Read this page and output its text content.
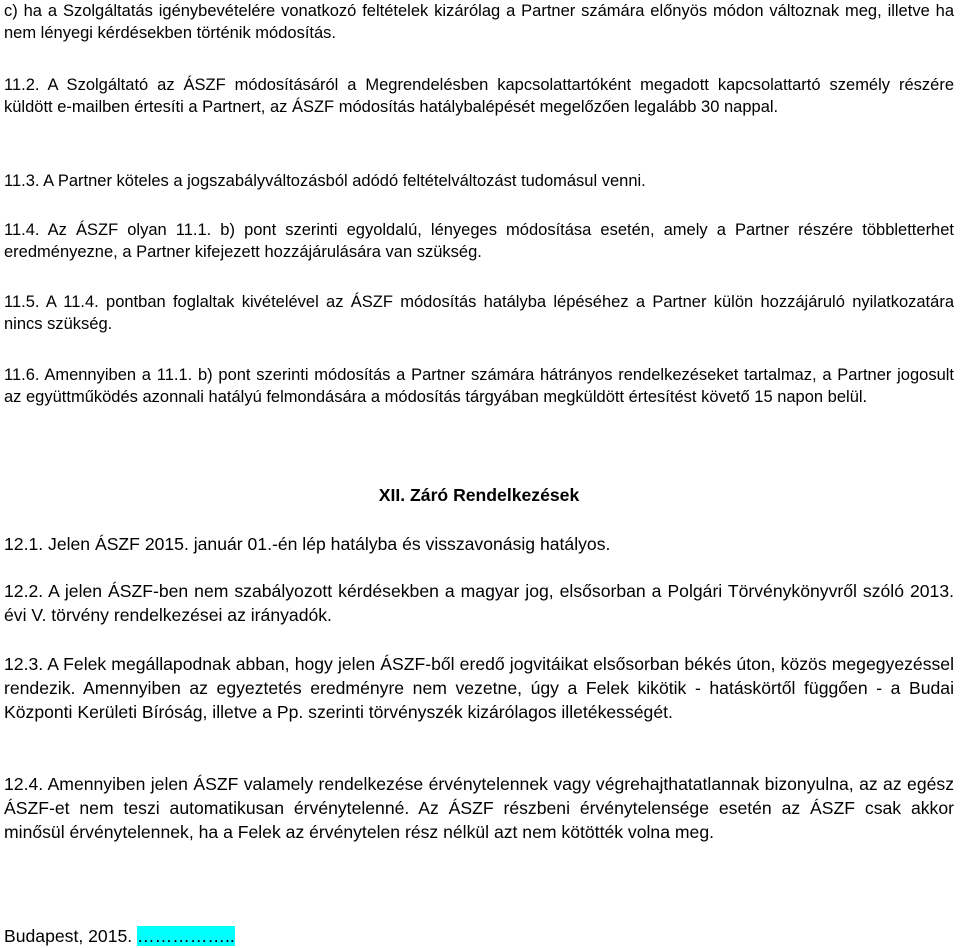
c) ha a Szolgáltatás igénybevételére vonatkozó feltételek kizárólag a Partner számára előnyös módon változnak meg, illetve ha nem lényegi kérdésekben történik módosítás.

11.2. A Szolgáltató az ÁSZF módosításáról a Megrendelésben kapcsolattartóként megadott kapcsolattartó személy részére küldött e-mailben értesíti a Partnert, az ÁSZF módosítás hatálybalépését megelőzően legalább 30 nappal.

11.3. A Partner köteles a jogszabályváltozásból adódó feltételváltozást tudomásul venni.

11.4. Az ÁSZF olyan 11.1. b) pont szerinti egyoldalú, lényeges módosítása esetén, amely a Partner részére többletterhet eredményezne, a Partner kifejezett hozzájárulására van szükség.

11.5. A 11.4. pontban foglaltak kivételével az ÁSZF módosítás hatályba lépéséhez a Partner külön hozzájáruló nyilatkozatára nincs szükség.

11.6. Amennyiben a 11.1. b) pont szerinti módosítás a Partner számára hátrányos rendelkezéseket tartalmaz, a Partner jogosult az együttműködés azonnali hatályú felmondására a módosítás tárgyában megküldött értesítést követő 15 napon belül.

XII. Záró Rendelkezések

12.1. Jelen ÁSZF 2015. január 01.-én lép hatályba és visszavonásig hatályos.

12.2. A jelen ÁSZF-ben nem szabályozott kérdésekben a magyar jog, elsősorban a Polgári Törvénykönyvről szóló 2013. évi V. törvény rendelkezései az irányadók.

12.3. A Felek megállapodnak abban, hogy jelen ÁSZF-ből eredő jogvitáikat elsősorban békés úton, közös megegyezéssel rendezik. Amennyiben az egyeztetés eredményre nem vezetne, úgy a Felek kikötik - hatáskörtől függően - a Budai Központi Kerületi Bíróság, illetve a Pp. szerinti törvényszék kizárólagos illetékességét.

12.4. Amennyiben jelen ÁSZF valamely rendelkezése érvénytelennek vagy végrehajthatatlannak bizonyulna, az az egész ÁSZF-et nem teszi automatikusan érvénytelenné. Az ÁSZF részbeni érvénytelensége esetén az ÁSZF csak akkor minősül érvénytelennek, ha a Felek az érvénytelen rész nélkül azt nem kötötték volna meg.

Budapest, 2015. ……………..
